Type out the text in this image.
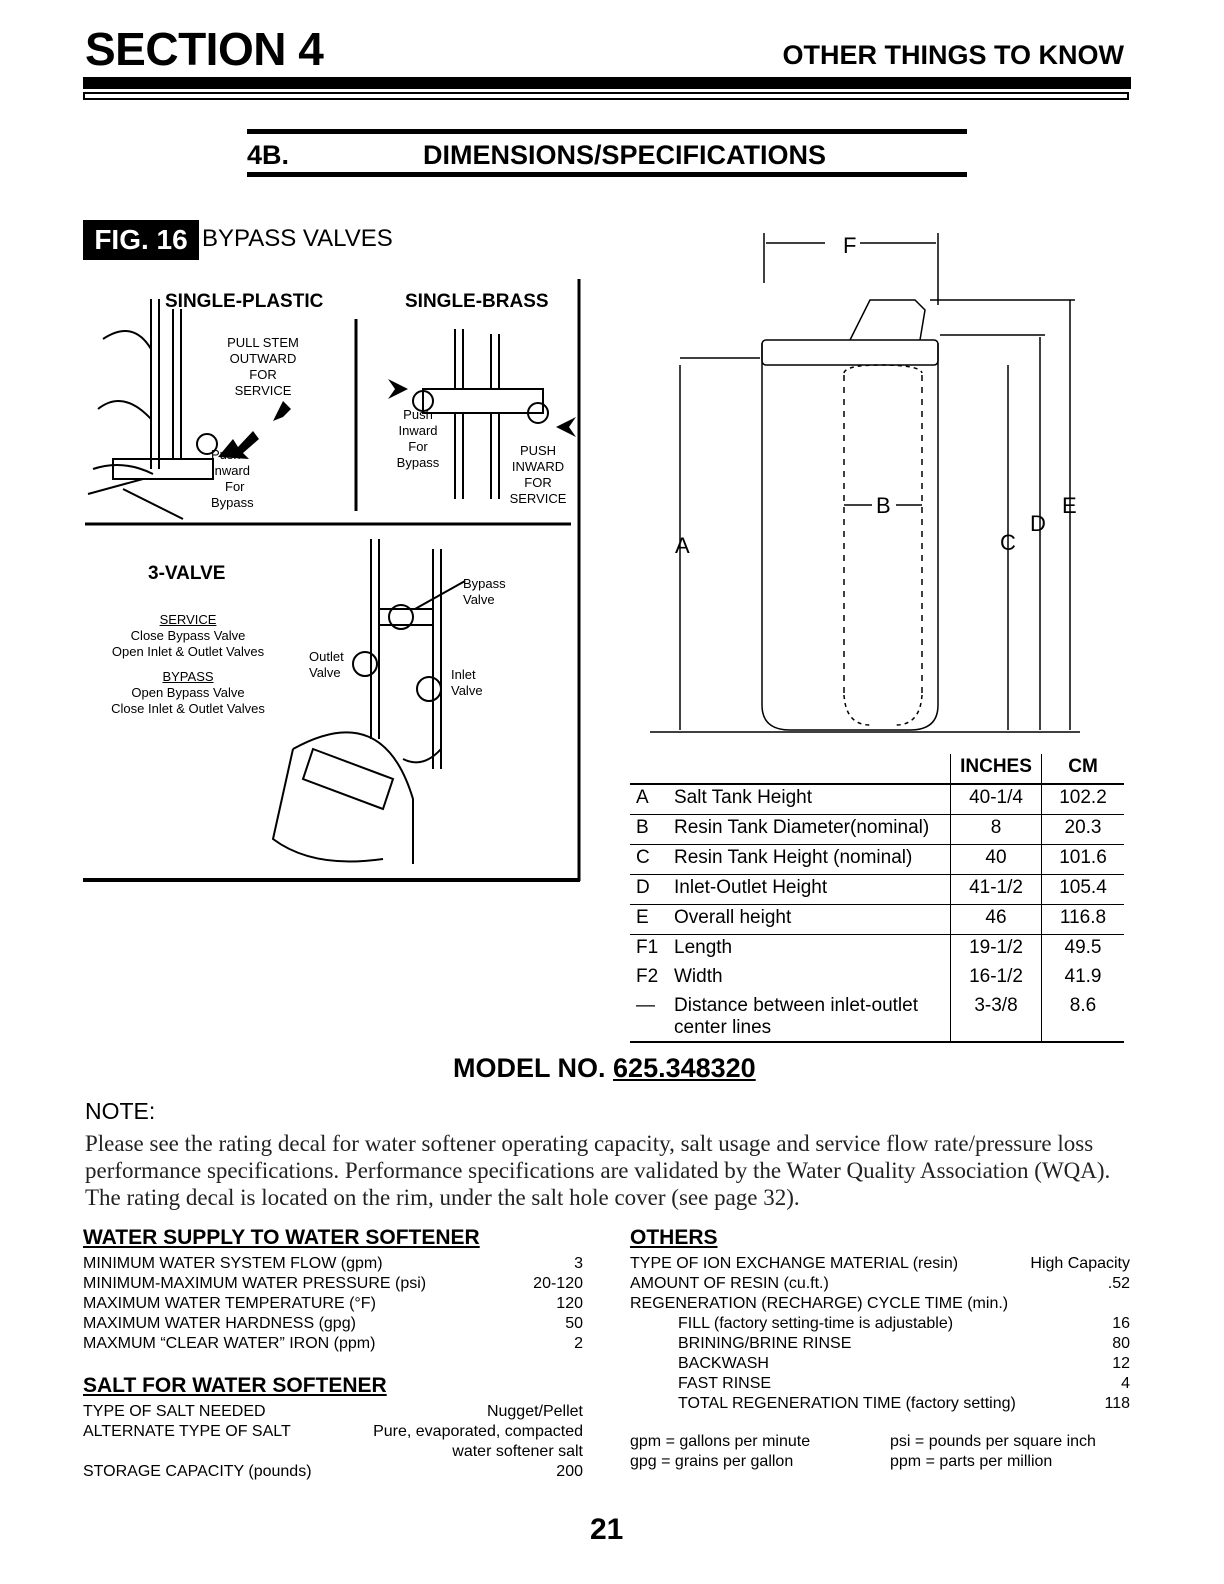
SECTION 4	OTHER THINGS TO KNOW
4B.	DIMENSIONS/SPECIFICATIONS
FIG. 16 BYPASS VALVES
SINGLE-PLASTIC	SINGLE-BRASS
PULL STEM
OUTWARD
FOR
SERVICE
Push
Inward
For
Bypass
Push
Inward
For
Bypass
PUSH
INWARD
FOR
SERVICE
3-VALVE
SERVICE
Close Bypass Valve
Open Inlet & Outlet Valves
BYPASS
Open Bypass Valve
Close Inlet & Outlet Valves
Outlet
Valve	Inlet
Valve
Bypass
Valve
F
B
A	C
D
E
		INCHES	CM
A	Salt Tank Height	40-1/4	102.2
B	Resin Tank Diameter(nominal)	8	20.3
C	Resin Tank Height (nominal)	40	101.6
D	Inlet-Outlet Height	41-1/2	105.4
E	Overall height	46	116.8
F1	Length	19-1/2	49.5
F2	Width	16-1/2	41.9
—	Distance between inlet-outlet center lines	3-3/8	8.6
MODEL NO. 625.348320
NOTE:
Please see the rating decal for water softener operating capacity, salt usage and service flow rate/pressure loss performance specifications. Performance specifications are validated by the Water Quality Association (WQA). The rating decal is located on the rim, under the salt hole cover (see page 32).
WATER SUPPLY TO WATER SOFTENER
MINIMUM WATER SYSTEM FLOW (gpm)	3
MINIMUM-MAXIMUM WATER PRESSURE (psi)	20-120
MAXIMUM WATER TEMPERATURE (°F)	120
MAXIMUM WATER HARDNESS (gpg)	50
MAXMUM “CLEAR WATER” IRON (ppm)	2
SALT FOR WATER SOFTENER
TYPE OF SALT NEEDED	Nugget/Pellet
ALTERNATE TYPE OF SALT	Pure, evaporated, compacted
water softener salt
STORAGE CAPACITY (pounds)	200
OTHERS
TYPE OF ION EXCHANGE MATERIAL (resin)	High Capacity
AMOUNT OF RESIN (cu.ft.)	.52
REGENERATION (RECHARGE) CYCLE TIME (min.)
FILL (factory setting-time is adjustable)	16
BRINING/BRINE RINSE	80
BACKWASH	12
FAST RINSE	4
TOTAL REGENERATION TIME (factory setting)	118
gpm = gallons per minute	psi = pounds per square inch
gpg = grains per gallon	ppm = parts per million
21
